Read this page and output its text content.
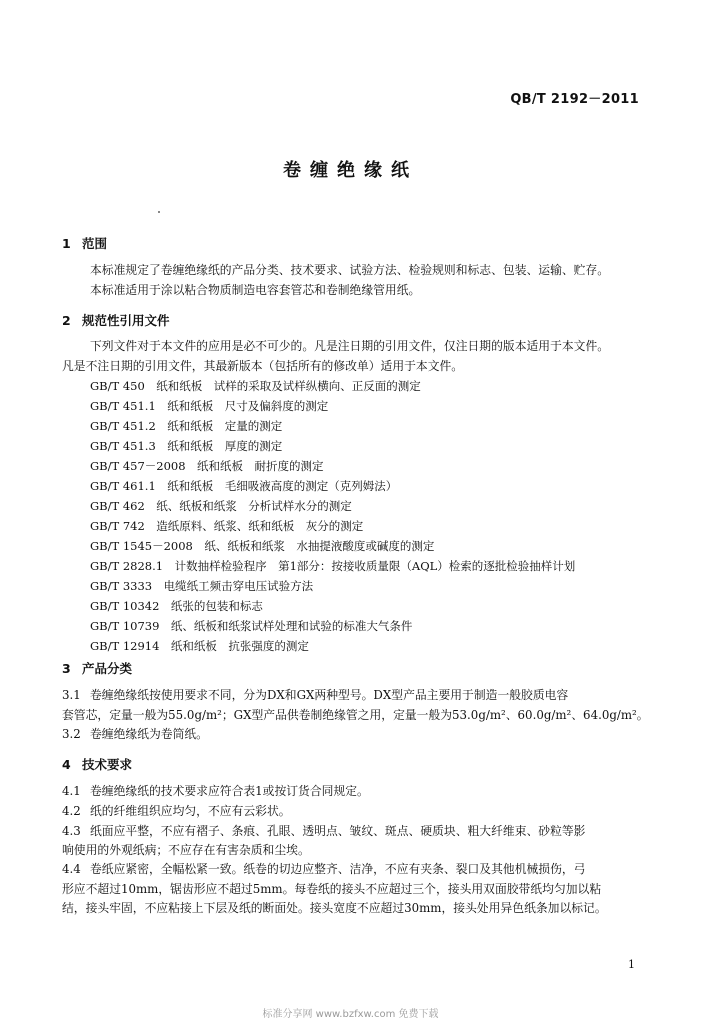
QB/T 2192－2011
卷缠绝缘纸
1 范围
本标准规定了卷缠绝缘纸的产品分类、技术要求、试验方法、检验规则和标志、包装、运输、贮存。
本标准适用于涂以粘合物质制造电容套管芯和卷制绝缘管用纸。
2 规范性引用文件
下列文件对于本文件的应用是必不可少的。凡是注日期的引用文件，仅注日期的版本适用于本文件。
凡是不注日期的引用文件，其最新版本（包括所有的修改单）适用于本文件。
GB/T 450　纸和纸板　试样的采取及试样纵横向、正反面的测定
GB/T 451.1　纸和纸板　尺寸及偏斜度的测定
GB/T 451.2　纸和纸板　定量的测定
GB/T 451.3　纸和纸板　厚度的测定
GB/T 457－2008　纸和纸板　耐折度的测定
GB/T 461.1　纸和纸板　毛细吸液高度的测定（克列姆法）
GB/T 462　纸、纸板和纸浆　分析试样水分的测定
GB/T 742　造纸原料、纸浆、纸和纸板　灰分的测定
GB/T 1545－2008　纸、纸板和纸浆　水抽提液酸度或碱度的测定
GB/T 2828.1　计数抽样检验程序　第1部分：按接收质量限（AQL）检索的逐批检验抽样计划
GB/T 3333　电缆纸工频击穿电压试验方法
GB/T 10342　纸张的包装和标志
GB/T 10739　纸、纸板和纸浆试样处理和试验的标准大气条件
GB/T 12914　纸和纸板　抗张强度的测定
3 产品分类
3.1 卷缠绝缘纸按使用要求不同，分为DX和GX两种型号。DX型产品主要用于制造一般胶质电容
套管芯，定量一般为55.0g/m²；GX型产品供卷制绝缘管之用，定量一般为53.0g/m²、60.0g/m²、64.0g/m²。
3.2 卷缠绝缘纸为卷筒纸。
4 技术要求
4.1 卷缠绝缘纸的技术要求应符合表1或按订货合同规定。
4.2 纸的纤维组织应均匀，不应有云彩状。
4.3 纸面应平整，不应有褶子、条痕、孔眼、透明点、皱纹、斑点、硬质块、粗大纤维束、砂粒等影
响使用的外观纸病；不应存在有害杂质和尘埃。
4.4 卷纸应紧密，全幅松紧一致。纸卷的切边应整齐、洁净，不应有夹条、裂口及其他机械损伤，弓
形应不超过10mm，锯齿形应不超过5mm。每卷纸的接头不应超过三个，接头用双面胶带纸均匀加以粘
结，接头牢固，不应粘接上下层及纸的断面处。接头宽度不应超过30mm，接头处用异色纸条加以标记。
1
标准分享网 www.bzfxw.com 免费下载
